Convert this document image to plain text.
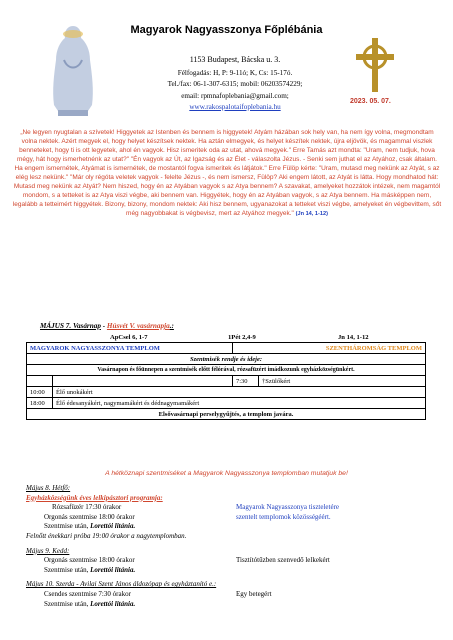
Magyarok Nagyasszonya Főplébánia
1153 Budapest, Bácska u. 3.
Félfogadás: H, P: 9-11ó; K, Cs: 15-17ó.
Tel./fax: 06-1-307-6315; mobil: 06203574229;
email: rpmnafoplebania@gmail.com;
www.rakospalotaifoplebania.hu
2023. 05. 07.
„Ne legyen nyugtalan a szívetek! Higgyetek az Istenben és bennem is higgyetek! Atyám házában sok hely van, ha nem így volna, megmondtam volna nektek. Azért megyek el, hogy helyet készítsek nektek. Ha aztán elmegyek, és helyet készítek nektek, újra eljövök, és magammal viszlek benneteket, hogy ti is ott legyetek, ahol én vagyok. Hisz ismeritek oda az utat, ahová megyek." Erre Tamás azt mondta: "Uram, nem tudjuk, hova mégy, hát hogy ismerhetnénk az utat?" "Én vagyok az Út, az Igazság és az Élet - válaszolta Jézus. - Senki sem juthat el az Atyához, csak általam. Ha engem ismernétek, Atyámat is ismernétek, de mostantól fogva ismeritek és látjátok." Erre Fülöp kérte: "Uram, mutasd meg nekünk az Atyát, s az elég lesz nekünk." "Már oly régóta veletek vagyok - felelte Jézus -, és nem ismersz, Fülöp? Aki engem látott, az Atyát is látta. Hogy mondhatod hát: Mutasd meg nekünk az Atyát? Nem hiszed, hogy én az Atyában vagyok s az Atya bennem? A szavakat, amelyeket hozzátok intézek, nem magamtól mondom, s a tetteket is az Atya viszi végbe, aki bennem van. Higgyétek, hogy én az Atyában vagyok, s az Atya bennem. Ha másképpen nem, legalább a tetteimért higgyétek. Bizony, bizony, mondom nektek: Aki hisz bennem, ugyanazokat a tetteket viszi végbe, amelyeket én végbevittem, sőt még nagyobbakat is végbevisz, mert az Atyához megyek." (Jn 14, 1-12)
MÁJUS 7. Vasárnap - Húsvét V. vasárnapja.:
ApCsel 6, 1-7	1Pét 2,4-9	Jn 14, 1-12
MAGYAROK NAGYASSZONYA TEMPLOM		SZENTHÁROMSÁG TEMPLOM	
Szentmisék rendje és ideje:			
Vasárnapon és főünnepen a szentmisék előtt félórával, rózsafüzért imádkozunk egyházközségünkért.			
		7:30	†Szülőkért
10:00	Élő unokákért		
18:00	Élő édesanyákért, nagymamákért és dédnagymamákért		
Elsővasárnapi perselygyűjtés, a templom javára.			
A hétköznapi szentmiséket a Magyarok Nagyasszonya templomban mutatjuk be!
Május 8. Hétfő:
Egyházközségünk éves lelkipásztori programja:
Rózsafüzér 17:30 órakor	Magyarok Nagyasszonya tiszteletére
Orgonás szentmise 18:00 órakor	szentelt templomok közösségéért.
Szentmise után, Lorettói litánia.
Felnőtt énekkari próba 19:00 órakor a nagytemplomban.
Május 9. Kedd:
Orgonás szentmise 18:00 órakor	Tisztítótűzben szenvedő lelkekért
Szentmise után, Lorettói litánia.
Május 10. Szerda - Avilai Szent János áldozópap és egyháztanító e.:
Csendes szentmise 7:30 órakor	Egy betegért
Szentmise után, Lorettói litánia.
